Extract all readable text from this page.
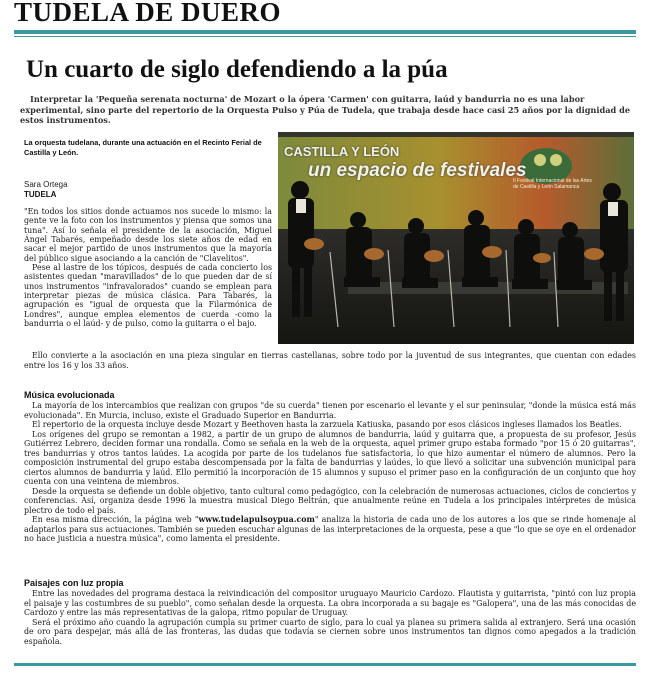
TUDELA DE DUERO
Un cuarto de siglo defendiendo a la púa

Interpretar la 'Pequeña serenata nocturna' de Mozart o la ópera 'Carmen' con guitarra, laúd y bandurria no es una labor experimental, sino parte del repertorio de la Orquesta Pulso y Púa de Tudela, que trabaja desde hace casi 25 años por la dignidad de estos instrumentos.

La orquesta tudelana, durante una actuación en el Recinto Ferial de Castilla y León.
Sara Ortega
TUDELA

"En todos los sitios donde actuamos nos sucede lo mismo: la gente ve la foto con los instrumentos y piensa que somos una tuna". Así lo señala el presidente de la asociación, Miguel Ángel Tabarés, empeñado desde los siete años de edad en sacar el mejor partido de unos instrumentos que la mayoría del público sigue asociando a la canción de "Clavelitos".

Pese al lastre de los tópicos, después de cada concierto los asistentes quedan "maravillados" de lo que pueden dar de sí unos instrumentos "infravalorados" cuando se emplean para interpretar piezas de música clásica. Para Tabarés, la agrupación es "igual de orquesta que la Filarmónica de Londres", aunque emplea elementos de cuerda -como la bandurria o el laúd- y de pulso, como la guitarra o el bajo.

CASTILLA Y LEÓN
un espacio de festivales
II Festival Internacional de las Artes de Castilla y León Salamanca

Ello convierte a la asociación en una pieza singular en tierras castellanas, sobre todo por la juventud de sus integrantes, que cuentan con edades entre los 16 y los 33 años.

Música evolucionada

La mayoría de los intercambios que realizan con grupos "de su cuerda" tienen por escenario el levante y el sur peninsular, "donde la música está más evolucionada". En Murcia, incluso, existe el Graduado Superior en Bandurria.

El repertorio de la orquesta incluye desde Mozart y Beethoven hasta la zarzuela Katiuska, pasando por esos clásicos ingleses llamados los Beatles.

Los orígenes del grupo se remontan a 1982, a partir de un grupo de alumnos de bandurria, laúd y guitarra que, a propuesta de su profesor, Jesús Gutiérrez Lebrero, deciden formar una rondalla. Como se señala en la web de la orquesta, aquel primer grupo estaba formado "por 15 ó 20 guitarras", tres bandurrias y otros tantos laúdes. La acogida por parte de los tudelanos fue satisfactoria, lo que hizo aumentar el número de alumnos. Pero la composición instrumental del grupo estaba descompensada por la falta de bandurrias y laúdes, lo que llevó a solicitar una subvención municipal para ciertos alumnos de bandurria y laúd. Ello permitió la incorporación de 15 alumnos y supuso el primer paso en la configuración de un conjunto que hoy cuenta con una veintena de miembros.

Desde la orquesta se defiende un doble objetivo, tanto cultural como pedagógico, con la celebración de numerosas actuaciones, ciclos de conciertos y conferencias. Así, organiza desde 1996 la muestra musical Diego Beltrán, que anualmente reúne en Tudela a los principales intérpretes de música plectro de todo el país.

En esa misma dirección, la página web "www.tudelapulsoypua.com" analiza la historia de cada uno de los autores a los que se rinde homenaje al adaptarlos para sus actuaciones. También se pueden escuchar algunas de las interpretaciones de la orquesta, pese a que "lo que se oye en el ordenador no hace justicia a nuestra música", como lamenta el presidente.

Paisajes con luz propia

Entre las novedades del programa destaca la reivindicación del compositor uruguayo Mauricio Cardozo. Flautista y guitarrista, "pintó con luz propia el paisaje y las costumbres de su pueblo", como señalan desde la orquesta. La obra incorporada a su bagaje es "Galopera", una de las más conocidas de Cardozo y entre las más representativas de la galopa, ritmo popular de Uruguay.

Será el próximo año cuando la agrupación cumpla su primer cuarto de siglo, para lo cual ya planea su primera salida al extranjero. Será una ocasión de oro para despejar, más allá de las fronteras, las dudas que todavía se ciernen sobre unos instrumentos tan dignos como apegados a la tradición española.
